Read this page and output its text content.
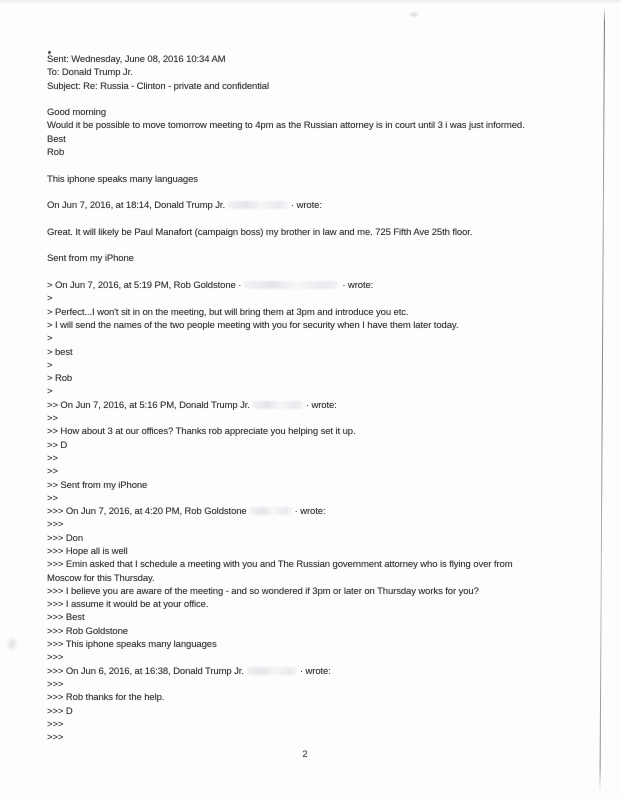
Sent: Wednesday, June 08, 2016 10:34 AM
To: Donald Trump Jr.
Subject: Re: Russia - Clinton - private and confidential

Good morning
Would it be possible to move tomorrow meeting to 4pm as the Russian attorney is in court until 3 i was just informed.
Best
Rob

This iphone speaks many languages

On Jun 7, 2016, at 18:14, Donald Trump Jr.	· wrote:

Great. It will likely be Paul Manafort (campaign boss) my brother in law and me. 725 Fifth Ave 25th floor.

Sent from my iPhone

> On Jun 7, 2016, at 5:19 PM, Rob Goldstone ·	· wrote:
>
> Perfect...I won't sit in on the meeting, but will bring them at 3pm and introduce you etc.
> I will send the names of the two people meeting with you for security when I have them later today.
>
> best
>
> Rob
>
>> On Jun 7, 2016, at 5:16 PM, Donald Trump Jr.	· wrote:
>>
>> How about 3 at our offices? Thanks rob appreciate you helping set it up.
>> D
>>
>>
>> Sent from my iPhone
>>
>>> On Jun 7, 2016, at 4:20 PM, Rob Goldstone	· wrote:
>>>
>>> Don
>>> Hope all is well
>>> Emin asked that I schedule a meeting with you and The Russian government attorney who is flying over from
Moscow for this Thursday.
>>> I believe you are aware of the meeting - and so wondered if 3pm or later on Thursday works for you?
>>> I assume it would be at your office.
>>> Best
>>> Rob Goldstone
>>> This iphone speaks many languages
>>>
>>> On Jun 6, 2016, at 16:38, Donald Trump Jr.	· wrote:
>>>
>>> Rob thanks for the help.
>>> D
>>>
>>>
2
